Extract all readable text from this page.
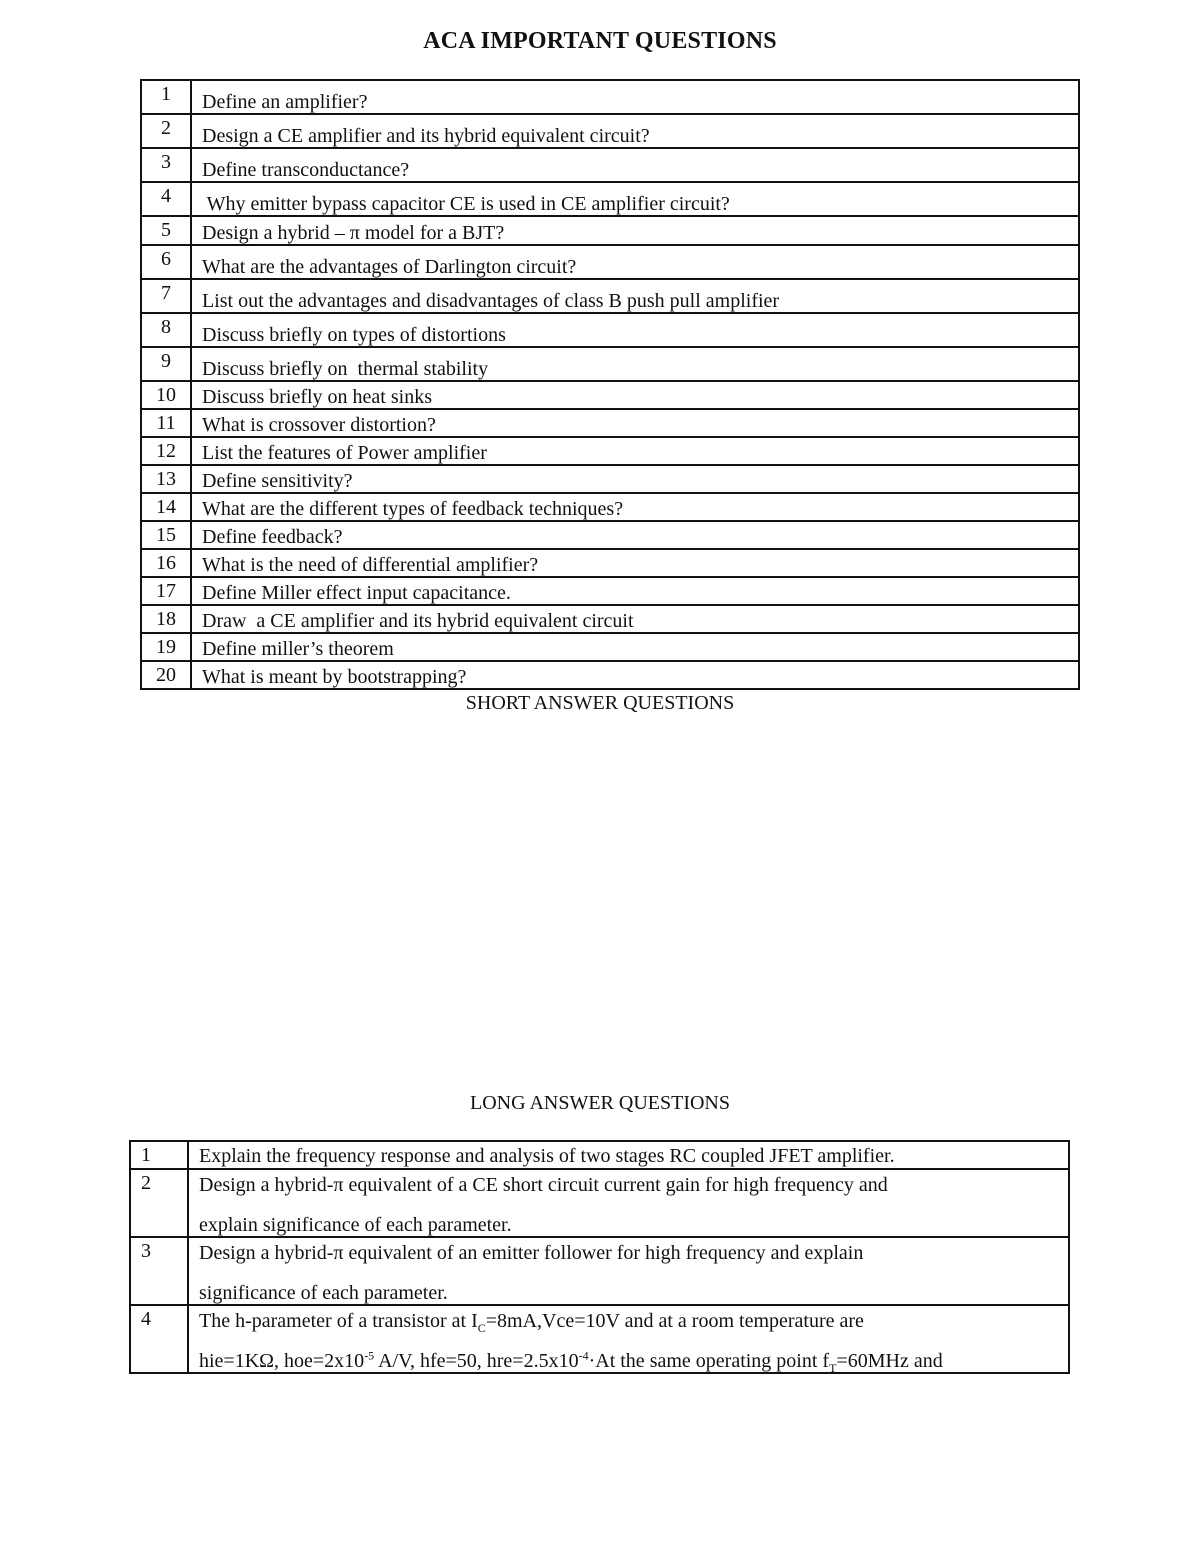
ACA IMPORTANT QUESTIONS
1	Define an amplifier?
2	Design a CE amplifier and its hybrid equivalent circuit?
3	Define transconductance?
4	Why emitter bypass capacitor CE is used in CE amplifier circuit?
5	Design a hybrid – π model for a BJT?
6	What are the advantages of Darlington circuit?
7	List out the advantages and disadvantages of class B push pull amplifier
8	Discuss briefly on types of distortions
9	Discuss briefly on  thermal stability
10	Discuss briefly on heat sinks
11	What is crossover distortion?
12	List the features of Power amplifier
13	Define sensitivity?
14	What are the different types of feedback techniques?
15	Define feedback?
16	What is the need of differential amplifier?
17	Define Miller effect input capacitance.
18	Draw  a CE amplifier and its hybrid equivalent circuit
19	Define miller’s theorem
20	What is meant by bootstrapping?
SHORT ANSWER QUESTIONS
LONG ANSWER QUESTIONS
1	Explain the frequency response and analysis of two stages RC coupled JFET amplifier.
2	Design a hybrid-π equivalent of a CE short circuit current gain for high frequency and
explain significance of each parameter.

3	Design a hybrid-π equivalent of an emitter follower for high frequency and explain
significance of each parameter.

4	The h-parameter of a transistor at $I_C=8mA,Vce=10V$ and at a room temperature are
hie=1KΩ, $hoe=2x10^{-5}$ A/V, hfe=50, $hre=2.5x10^{-4}\cdot At$ the same operating point $f_T=60MHz$ and
